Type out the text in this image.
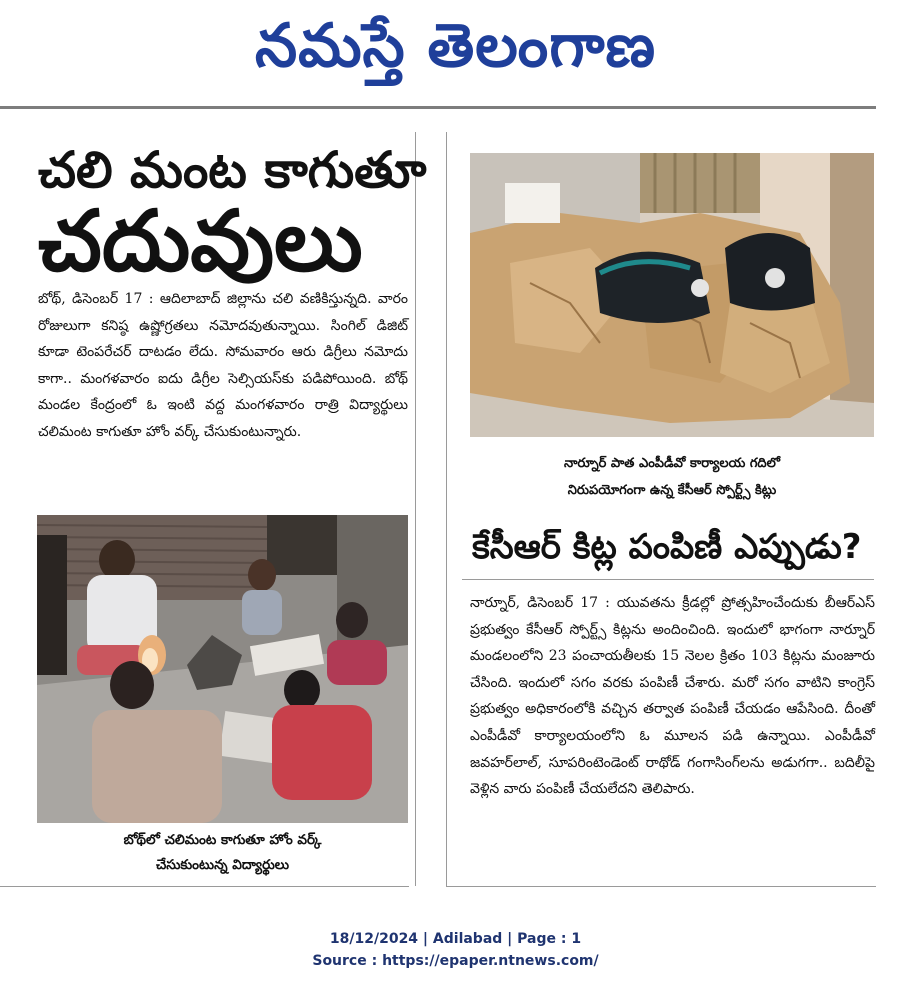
నమస్తే తెలంగాణ
చలి మంట కాగుతూ
చదువులు
బోథ్, డిసెంబర్ 17 : ఆదిలాబాద్ జిల్లాను చలి వణికిస్తున్నది. వారం రోజులుగా కనిష్ఠ ఉష్ణోగ్రతలు నమోదవుతున్నాయి. సింగిల్ డిజిట్ కూడా టెంపరేచర్ దాటడం లేదు. సోమవారం ఆరు డిగ్రీలు నమోదు కాగా.. మంగళవారం ఐదు డిగ్రీల సెల్సియస్‌కు పడిపోయింది. బోథ్ మండల కేంద్రంలో ఓ ఇంటి వద్ద మంగళవారం రాత్రి విద్యార్థులు చలిమంట కాగుతూ హోం వర్క్ చేసుకుంటున్నారు.
బోథ్‌లో చలిమంట కాగుతూ హోం వర్క్
చేసుకుంటున్న విద్యార్థులు
నార్నూర్ పాత ఎంపీడీవో కార్యాలయ గదిలో
నిరుపయోగంగా ఉన్న కేసీఆర్ స్పోర్ట్స్ కిట్లు
కేసీఆర్ కిట్ల పంపిణీ ఎప్పుడు?
నార్నూర్, డిసెంబర్ 17 : యువతను క్రీడల్లో ప్రోత్సహించేందుకు బీఆర్‌ఎస్ ప్రభుత్వం కేసీఆర్ స్పోర్ట్స్ కిట్లను అందించింది. ఇందులో భాగంగా నార్నూర్ మండలంలోని 23 పంచాయతీలకు 15 నెలల క్రితం 103 కిట్లను మంజూరు చేసింది. ఇందులో సగం వరకు పంపిణీ చేశారు. మరో సగం వాటిని కాంగ్రెస్ ప్రభుత్వం అధికారంలోకి వచ్చిన తర్వాత పంపిణీ చేయడం ఆపేసింది. దీంతో ఎంపీడీవో కార్యాలయంలోని ఓ మూలన పడి ఉన్నాయి. ఎంపీడీవో జవహర్‌లాల్, సూపరింటెండెంట్ రాథోడ్ గంగాసింగ్‌లను అడుగగా.. బదిలీపై వెళ్లిన వారు పంపిణీ చేయలేదని తెలిపారు.
18/12/2024 | Adilabad | Page : 1
Source : https://epaper.ntnews.com/
